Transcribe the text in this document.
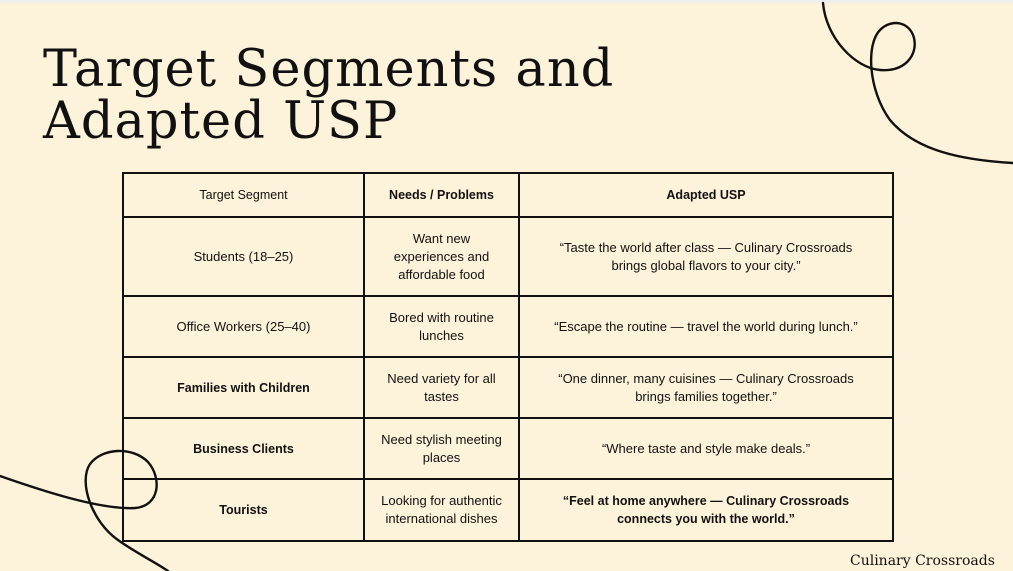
Target Segments and Adapted USP
Target Segment	Needs / Problems	Adapted USP
Students (18–25)	Want new experiences and affordable food	“Taste the world after class — Culinary Crossroads brings global flavors to your city.”
Office Workers (25–40)	Bored with routine lunches	“Escape the routine — travel the world during lunch.”
Families with Children	Need variety for all tastes	“One dinner, many cuisines — Culinary Crossroads brings families together.”
Business Clients	Need stylish meeting places	“Where taste and style make deals.”
Tourists	Looking for authentic international dishes	“Feel at home anywhere — Culinary Crossroads connects you with the world.”
Culinary Crossroads
